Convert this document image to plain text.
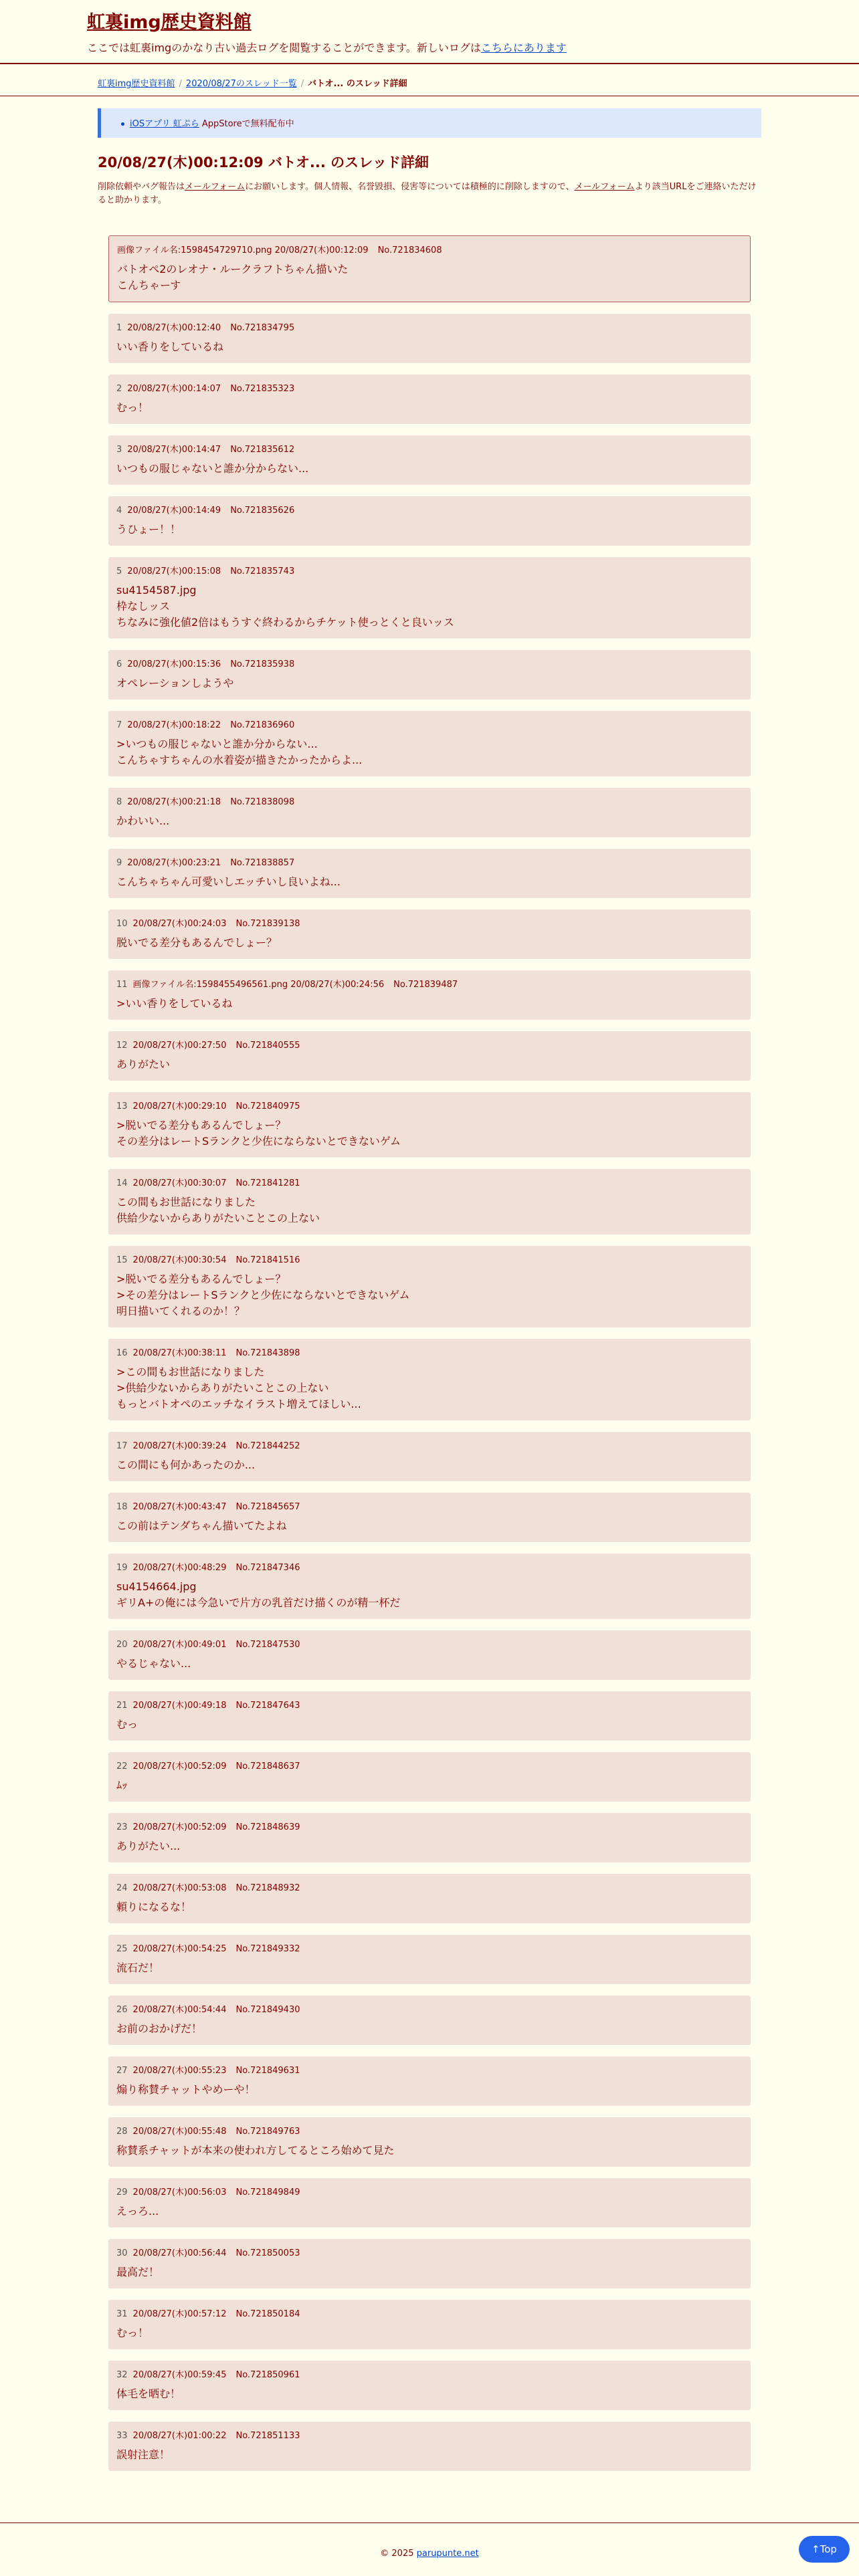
虹裏img歴史資料館
ここでは虹裏imgのかなり古い過去ログを閲覧することができます。新しいログはこちらにあります
虹裏img歴史資料館 / 2020/08/27のスレッド一覧 / バトオ... のスレッド詳細
iOSアプリ 虹ぷら AppStoreで無料配布中
20/08/27(木)00:12:09 バトオ... のスレッド詳細
削除依頼やバグ報告はメールフォームにお願いします。個人情報、名誉毀損、侵害等については積極的に削除しますので、メールフォームより該当URLをご連絡いただけると助かります。
画像ファイル名:1598454729710.png 20/08/27(木)00:12:09 No.721834608
バトオペ2のレオナ・ルークラフトちゃん描いた
こんちゃーす
1 20/08/27(木)00:12:40 No.721834795
いい香りをしているね
2 20/08/27(木)00:14:07 No.721835323
むっ！
3 20/08/27(木)00:14:47 No.721835612
いつもの服じゃないと誰か分からない...
4 20/08/27(木)00:14:49 No.721835626
うひょー！！
5 20/08/27(木)00:15:08 No.721835743
su4154587.jpg
枠なしッス
ちなみに強化値2倍はもうすぐ終わるからチケット使っとくと良いッス
6 20/08/27(木)00:15:36 No.721835938
オペレーションしようや
7 20/08/27(木)00:18:22 No.721836960
>いつもの服じゃないと誰か分からない...
こんちゃすちゃんの水着姿が描きたかったからよ...
8 20/08/27(木)00:21:18 No.721838098
かわいい...
9 20/08/27(木)00:23:21 No.721838857
こんちゃちゃん可愛いしエッチいし良いよね...
10 20/08/27(木)00:24:03 No.721839138
脱いでる差分もあるんでしょー？
11 画像ファイル名:1598455496561.png 20/08/27(木)00:24:56 No.721839487
>いい香りをしているね
12 20/08/27(木)00:27:50 No.721840555
ありがたい
13 20/08/27(木)00:29:10 No.721840975
>脱いでる差分もあるんでしょー？
その差分はレートSランクと少佐にならないとできないゲム
14 20/08/27(木)00:30:07 No.721841281
この間もお世話になりました
供給少ないからありがたいことこの上ない
15 20/08/27(木)00:30:54 No.721841516
>脱いでる差分もあるんでしょー？
>その差分はレートSランクと少佐にならないとできないゲム
明日描いてくれるのか！？
16 20/08/27(木)00:38:11 No.721843898
>この間もお世話になりました
>供給少ないからありがたいことこの上ない
もっとバトオペのエッチなイラスト増えてほしい...
17 20/08/27(木)00:39:24 No.721844252
この間にも何かあったのか...
18 20/08/27(木)00:43:47 No.721845657
この前はテンダちゃん描いてたよね
19 20/08/27(木)00:48:29 No.721847346
su4154664.jpg
ギリA+の俺には今急いで片方の乳首だけ描くのが精一杯だ
20 20/08/27(木)00:49:01 No.721847530
やるじゃない...
21 20/08/27(木)00:49:18 No.721847643
むっ
22 20/08/27(木)00:52:09 No.721848637
ﾑｯ
23 20/08/27(木)00:52:09 No.721848639
ありがたい...
24 20/08/27(木)00:53:08 No.721848932
頼りになるな！
25 20/08/27(木)00:54:25 No.721849332
流石だ！
26 20/08/27(木)00:54:44 No.721849430
お前のおかげだ！
27 20/08/27(木)00:55:23 No.721849631
煽り称賛チャットやめーや！
28 20/08/27(木)00:55:48 No.721849763
称賛系チャットが本来の使われ方してるところ始めて見た
29 20/08/27(木)00:56:03 No.721849849
えっろ...
30 20/08/27(木)00:56:44 No.721850053
最高だ！
31 20/08/27(木)00:57:12 No.721850184
むっ！
32 20/08/27(木)00:59:45 No.721850961
体毛を晒む！
33 20/08/27(木)01:00:22 No.721851133
誤射注意！
© 2025 parupunte.net	↑Top
